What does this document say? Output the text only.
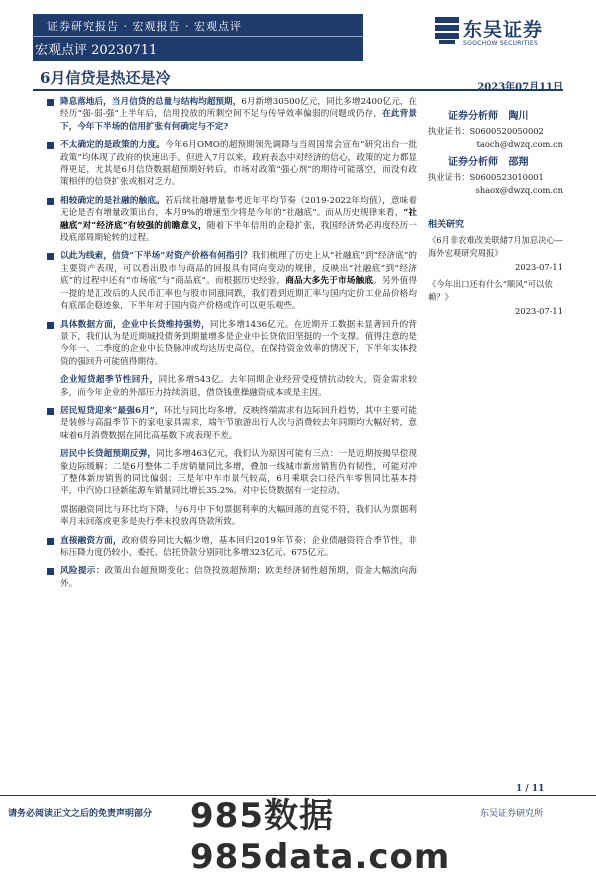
证券研究报告 · 宏观报告 · 宏观点评
宏观点评 20230711
东吴证券
SOOCHOW SECURITIES
6月信贷是热还是冷
降息落地后，当月信贷的总量与结构均超预期，6月新增30500亿元，同比多增2400亿元，在经历“强-弱-强”上半年后，信用投放的所剩空间不足与传导效率偏弱的问题或仍存，在此背景下，今年下半场的信用扩张有何确定与不定?
不太确定的是政策的力度。今年6月OMO的超预期领先调降与当周国常会宣布“研究出台一批政策”均体现了政府的快速出手。但进入7月以来，政府表态中对经济的信心，政策的定力都显得更足，尤其是6月信贷数据超预期好转后，市场对政策“强心剂”的期待可能落空，而没有政策相伴的信贷扩张或相对乏力。
相较确定的是社融的触底。若后续社融增量参考近年平均节奏（2019-2022年均值），意味着无论是否有增量政策出台，本月9%的增速至少将是今年的“社融底”。而从历史规律来看，“社融底”对“经济底”有较强的前瞻意义，随着下半年信用的企稳扩张，我国经济势必再度经历一段底部周期轮转的过程。
以此为线索，信贷“下半场”对资产价格有何指引？我们梳理了历史上从“社融底”到“经济底”的主要资产表现，可以看出股市与商品的回报具有同向变动的规律，反映出“社融底”到“经济底”的过程中还有“市场底”与“商品底”。而根据历史经验，商品大多先于市场触底。另外值得一提的是汇改后的人民币汇率也与股市同涨同跌，我们看到近期汇率与国内定价工业品价格均有底部企稳迹象，下半年对于国内资产价格或许可以更乐观些。
具体数据方面，企业中长贷维持强势，同比多增1436亿元。在近期开工数据未显著回升的背景下，我们认为是近期城投债务到期量增多是企业中长贷依旧坚挺的一个支撑。值得注意的是今年一、二季度的企业中长贷脉冲或均达历史高位，在保持资金效率的情况下，下半年实体投资的强回升可能值得期待。
企业短贷超季节性回升，同比多增543亿。去年同期企业经营受疫情抗动较大，资金需求较多，而今年企业的外部压力持续消退，借贷钱重操融资成本或是主因。
居民短贷迎来“最强6月”，环比与同比均多增，反映终端需求有边际回升趋势，其中主要可能是装修与高温季节下的家电家具需求，端午节旅游出行人次与消费较去年同期均大幅好转，意味着6月消费数据在同比高基数下或表现不差。
居民中长贷超预期反弹，同比多增463亿元，我们认为原因可能有三点：一是近期按揭早偿现象边际缓解；二是6月整体二手房销量同比多增，叠加一线城市新房销售仍有韧性，可能对冲了整体新房销售的同比偏弱；三是年中车市景气较高，6月乘联会口径汽车零售同比基本持平，中汽协口径新能源车销量同比增长35.2%。对中长贷数据有一定拉动。
票据融资同比与环比均下降，与6月中下旬票据利率的大幅回落的直觉不符，我们认为票据利率月末回落或更多是央行季末投放再贷款所致。
直接融资方面，政府债券同比大幅少增，基本回归2019年节奏；企业债融资符合季节性，非标压降力度仍较小，委托、信托贷款分别同比多增323亿元、675亿元。
风险提示：政策出台超预期变化；信贷投放超预期；欧美经济韧性超预期，资金大幅流向海外。
2023年07月11日
证券分析师 陶川
执业证书：S0600520050002
taoch@dwzq.com.cn
证券分析师 邵翔
执业证书：S0600523010001
shaox@dwzq.com.cn
相关研究
《6月非农难改美联储7月加息决心—海外宏观研究周报》
2023-07-11
《今年出口还有什么“顺风”可以依赖？》
2023-07-11
1 / 11
请务必阅读正文之后的免责声明部分	东吴证券研究所
985数据 985data.com
